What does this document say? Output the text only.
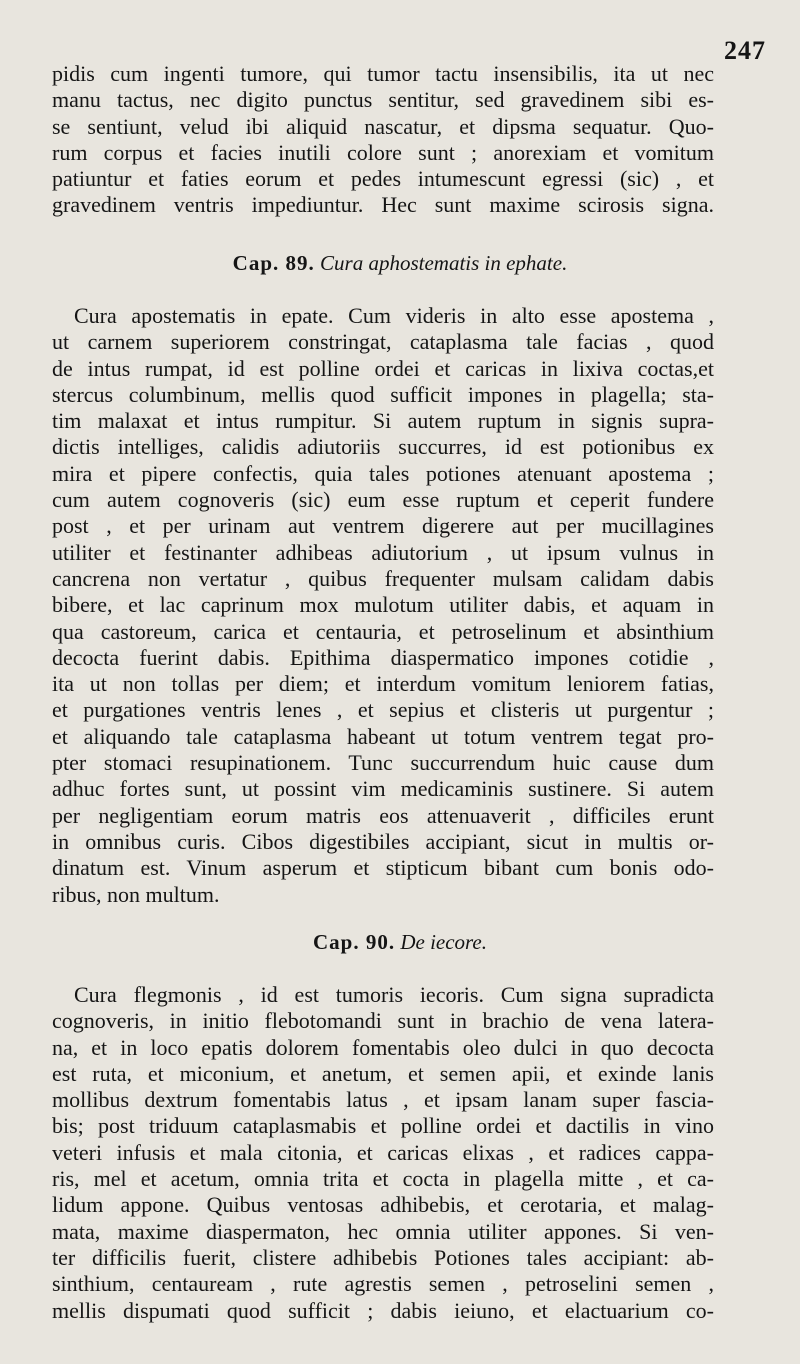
247
pidis cum ingenti tumore, qui tumor tactu insensibilis, ita ut nec
manu tactus, nec digito punctus sentitur, sed gravedinem sibi es-
se sentiunt, velud ibi aliquid nascatur, et dipsma sequatur. Quo-
rum corpus et facies inutili colore sunt ; anorexiam et vomitum
patiuntur et faties eorum et pedes intumescunt egressi (sic) , et
gravedinem ventris impediuntur. Hec sunt maxime scirosis signa.
Cap. 89. Cura aphostematis in ephate.
Cura apostematis in epate. Cum videris in alto esse apostema ,
ut carnem superiorem constringat, cataplasma tale facias , quod
de intus rumpat, id est polline ordei et caricas in lixiva coctas,et
stercus columbinum, mellis quod sufficit impones in plagella; sta-
tim malaxat et intus rumpitur. Si autem ruptum in signis supra-
dictis intelliges, calidis adiutoriis succurres, id est potionibus ex
mira et pipere confectis, quia tales potiones atenuant apostema ;
cum autem cognoveris (sic) eum esse ruptum et ceperit fundere
post , et per urinam aut ventrem digerere aut per mucillagines
utiliter et festinanter adhibeas adiutorium , ut ipsum vulnus in
cancrena non vertatur , quibus frequenter mulsam calidam dabis
bibere, et lac caprinum mox mulotum utiliter dabis, et aquam in
qua castoreum, carica et centauria, et petroselinum et absinthium
decocta fuerint dabis. Epithima diaspermatico impones cotidie ,
ita ut non tollas per diem; et interdum vomitum leniorem fatias,
et purgationes ventris lenes , et sepius et clisteris ut purgentur ;
et aliquando tale cataplasma habeant ut totum ventrem tegat pro-
pter stomaci resupinationem. Tunc succurrendum huic cause dum
adhuc fortes sunt, ut possint vim medicaminis sustinere. Si autem
per negligentiam eorum matris eos attenuaverit , difficiles erunt
in omnibus curis. Cibos digestibiles accipiant, sicut in multis or-
dinatum est. Vinum asperum et stipticum bibant cum bonis odo-
ribus, non multum.
Cap. 90. De iecore.
Cura flegmonis , id est tumoris iecoris. Cum signa supradicta
cognoveris, in initio flebotomandi sunt in brachio de vena latera-
na, et in loco epatis dolorem fomentabis oleo dulci in quo decocta
est ruta, et miconium, et anetum, et semen apii, et exinde lanis
mollibus dextrum fomentabis latus , et ipsam lanam super fascia-
bis; post triduum cataplasmabis et polline ordei et dactilis in vino
veteri infusis et mala citonia, et caricas elixas , et radices cappa-
ris, mel et acetum, omnia trita et cocta in plagella mitte , et ca-
lidum appone. Quibus ventosas adhibebis, et cerotaria, et malag-
mata, maxime diaspermaton, hec omnia utiliter appones. Si ven-
ter difficilis fuerit, clistere adhibebis Potiones tales accipiant: ab-
sinthium, centauream , rute agrestis semen , petroselini semen ,
mellis dispumati quod sufficit ; dabis ieiuno, et elactuarium co-
